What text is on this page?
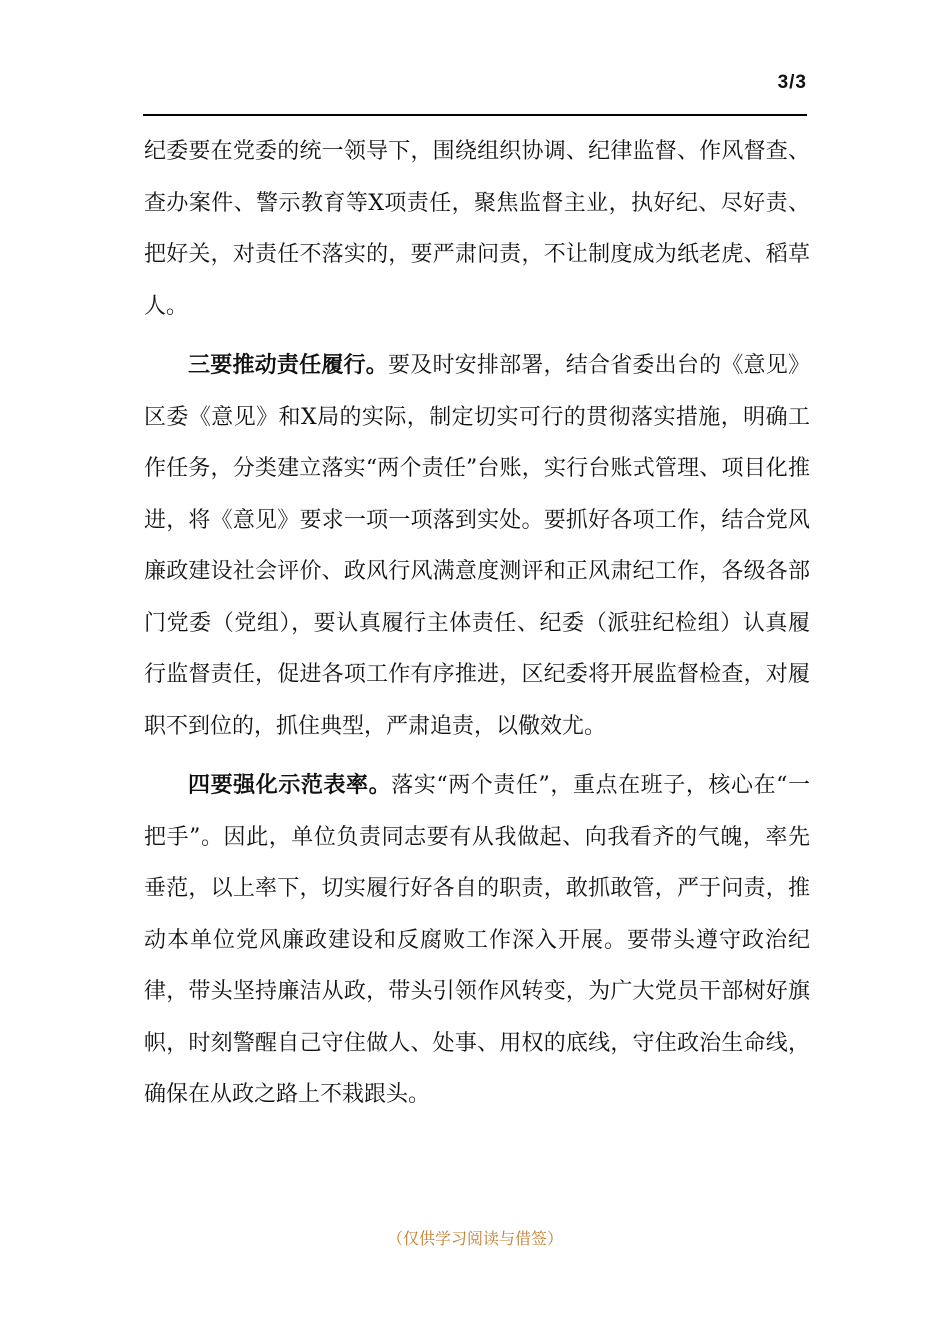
3/3

纪委要在党委的统一领导下，围绕组织协调、纪律监督、作风督查、查办案件、警示教育等X项责任，聚焦监督主业，执好纪、尽好责、把好关，对责任不落实的，要严肃问责，不让制度成为纸老虎、稻草人。

三要推动责任履行。要及时安排部署，结合省委出台的《意见》区委《意见》和X局的实际，制定切实可行的贯彻落实措施，明确工作任务，分类建立落实“两个责任”台账，实行台账式管理、项目化推进，将《意见》要求一项一项落到实处。要抓好各项工作，结合党风廉政建设社会评价、政风行风满意度测评和正风肃纪工作，各级各部门党委（党组），要认真履行主体责任、纪委（派驻纪检组）认真履行监督责任，促进各项工作有序推进，区纪委将开展监督检查，对履职不到位的，抓住典型，严肃追责，以儆效尤。

四要强化示范表率。落实“两个责任”，重点在班子，核心在“一把手”。因此，单位负责同志要有从我做起、向我看齐的气魄，率先垂范，以上率下，切实履行好各自的职责，敢抓敢管，严于问责，推动本单位党风廉政建设和反腐败工作深入开展。要带头遵守政治纪律，带头坚持廉洁从政，带头引领作风转变，为广大党员干部树好旗帜，时刻警醒自己守住做人、处事、用权的底线，守住政治生命线，确保在从政之路上不栽跟头。

（仅供学习阅读与借签）
